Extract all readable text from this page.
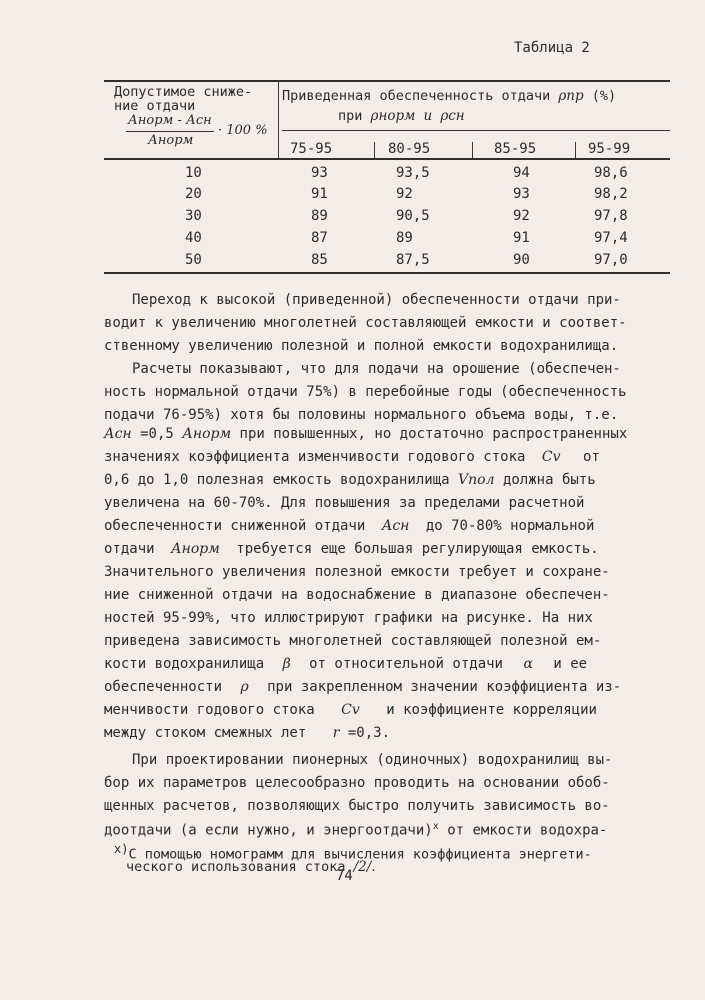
Таблица 2
Допустимое сниже-
ние отдачи
Анорм - Асн
Анорм
· 100 %
Приведенная обеспеченность отдачи ρпр (%)
при ρнорм и ρсн
75-95	80-95	85-95	95-99
10	93	93,5	94	98,6
20	91	92	93	98,2
30	89	90,5	92	97,8
40	87	89	91	97,4
50	85	87,5	90	97,0
Переход к высокой (приведенной) обеспеченности отдачи при-
водит к увеличению многолетней составляющей емкости и соответ-
ственному увеличению полезной и полной емкости водохранилища.
Расчеты показывают, что для подачи на орошение (обеспечен-
ность нормальной отдачи 75%) в перебойные годы (обеспеченность
подачи 76-95%) хотя бы половины нормального объема воды, т.е.
Асн =0,5 Анорм при повышенных, но достаточно распространенных
значениях коэффициента изменчивости годового стока Сv от
0,6 до 1,0 полезная емкость водохранилища Vпол должна быть
увеличена на 60-70%. Для повышения за пределами расчетной
обеспеченности сниженной отдачи Асн до 70-80% нормальной
отдачи Анорм требуется еще большая регулирующая емкость.
Значительного увеличения полезной емкости требует и сохране-
ние сниженной отдачи на водоснабжение в диапазоне обеспечен-
ностей 95-99%, что иллюстрируют графики на рисунке. На них
приведена зависимость многолетней составляющей полезной ем-
кости водохранилища β от относительной отдачи α и ее
обеспеченности ρ при закрепленном значении коэффициента из-
менчивости годового стока Сv и коэффициенте корреляции
между стоком смежных лет r =0,3.
При проектировании пионерных (одиночных) водохранилищ вы-
бор их параметров целесообразно проводить на основании обоб-
щенных расчетов, позволяющих быстро получить зависимость во-
доотдачи (а если нужно, и энергоотдачи)$^x$ от емкости водохра-
$^{x)}$С помощью номограмм для вычисления коэффициента энергети-
ческого использования стока /2/.
74
